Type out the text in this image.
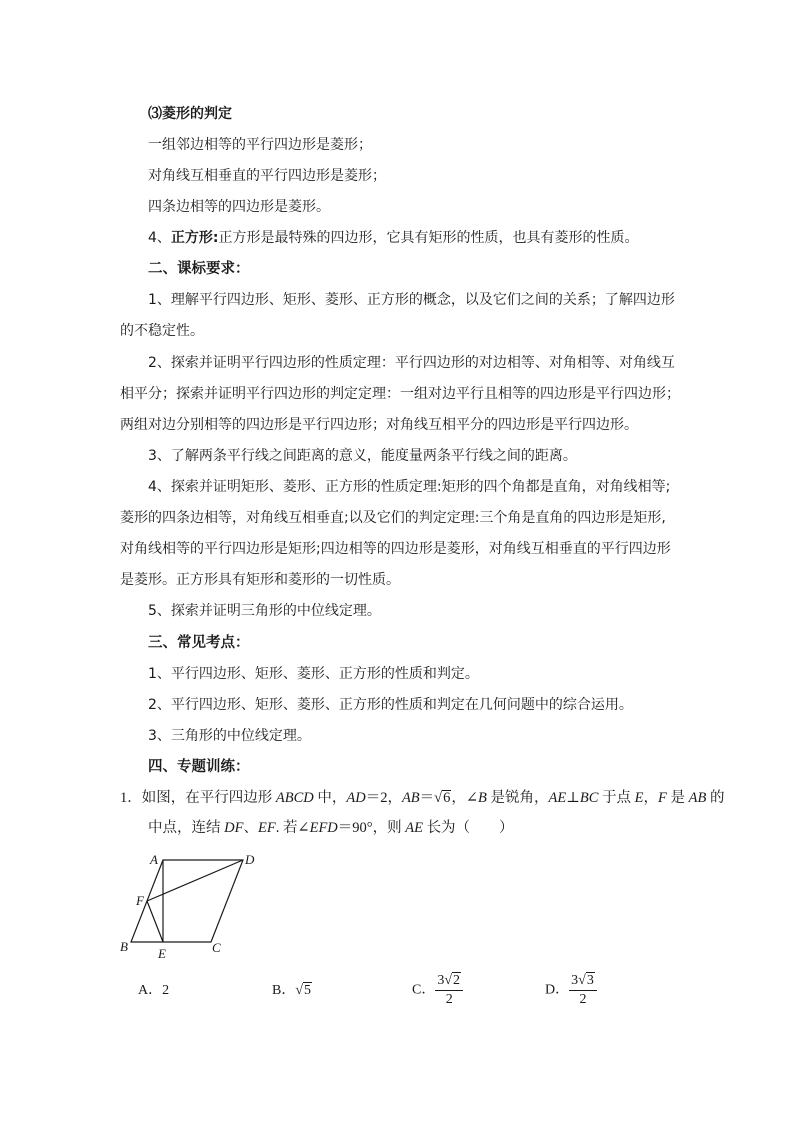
⑶菱形的判定
一组邻边相等的平行四边形是菱形；
对角线互相垂直的平行四边形是菱形；
四条边相等的四边形是菱形。
4、正方形:正方形是最特殊的四边形，它具有矩形的性质，也具有菱形的性质。
二、课标要求：
1、理解平行四边形、矩形、菱形、正方形的概念，以及它们之间的关系；了解四边形
的不稳定性。
2、探索并证明平行四边形的性质定理：平行四边形的对边相等、对角相等、对角线互
相平分；探索并证明平行四边形的判定定理：一组对边平行且相等的四边形是平行四边形；
两组对边分别相等的四边形是平行四边形；对角线互相平分的四边形是平行四边形。
3、了解两条平行线之间距离的意义，能度量两条平行线之间的距离。
4、探索并证明矩形、菱形、正方形的性质定理:矩形的四个角都是直角，对角线相等;
菱形的四条边相等，对角线互相垂直;以及它们的判定定理:三个角是直角的四边形是矩形,
对角线相等的平行四边形是矩形;四边相等的四边形是菱形，对角线互相垂直的平行四边形
是菱形。正方形具有矩形和菱形的一切性质。
5、探索并证明三角形的中位线定理。
三、常见考点：
1、平行四边形、矩形、菱形、正方形的性质和判定。
2、平行四边形、矩形、菱形、正方形的性质和判定在几何问题中的综合运用。
3、三角形的中位线定理。
四、专题训练：
1．如图，在平行四边形 ABCD 中，AD＝2，AB＝√6，∠B 是锐角，AE⊥BC 于点 E，F 是 AB 的
中点，连结 DF、EF. 若∠EFD＝90°，则 AE 长为（　　）
A	D
F
B E	C
A．2	B．√5	C． $\frac{3√2}{2}$	D． $\frac{3√3}{2}$
